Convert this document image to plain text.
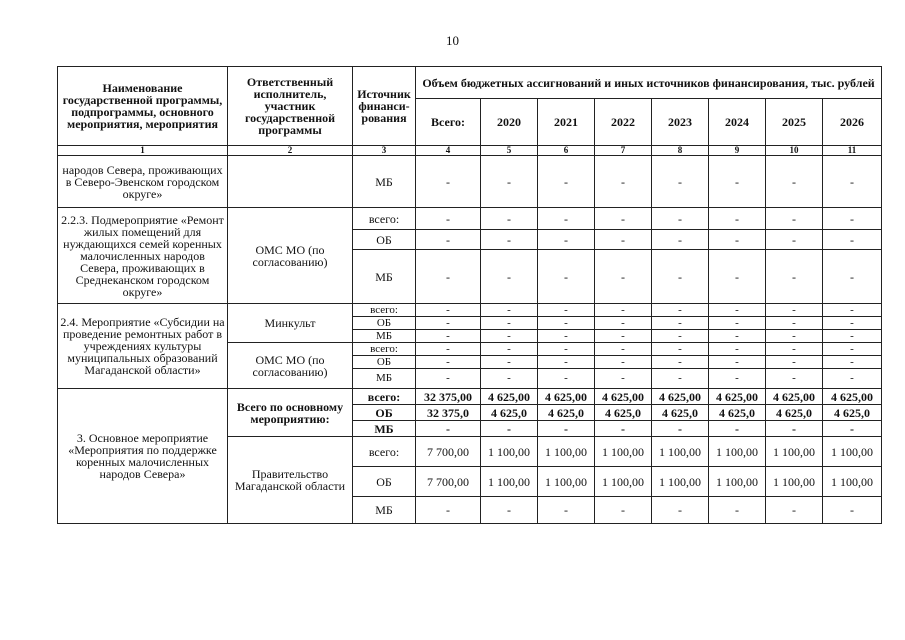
10
Наименование государственной программы, подпрограммы, основного мероприятия, мероприятия	Ответственный исполнитель, участник государственной программы	Источник финанси-рования	Объем бюджетных ассигнований и иных источников финансирования, тыс. рублей							
			Всего:	2020	2021	2022	2023	2024	2025	2026
1	2	3	4	5	6	7	8	9	10	11
народов Севера, проживающих в Северо-Эвенском городском округе»		МБ	-	-	-	-	-	-	-	-
2.2.3. Подмероприятие «Ремонт жилых помещений для нуждающихся семей коренных малочисленных народов Севера, проживающих в Среднеканском городском округе»	ОМС МО (по согласованию)	всего:	-	-	-	-	-	-	-	-
		ОБ	-	-	-	-	-	-	-	-
		МБ	-	-	-	-	-	-	-	-
2.4. Мероприятие «Субсидии на проведение ремонтных работ в учреждениях культуры муниципальных образований Магаданской области»	Минкульт	всего:	-	-	-	-	-	-	-	-
		ОБ	-	-	-	-	-	-	-	-
		МБ	-	-	-	-	-	-	-	-
	ОМС МО (по согласованию)	всего:	-	-	-	-	-	-	-	-
		ОБ	-	-	-	-	-	-	-	-
		МБ	-	-	-	-	-	-	-	-
3. Основное мероприятие «Мероприятия по поддержке коренных малочисленных народов Севера»	Всего по основному мероприятию:	всего:	32 375,00	4 625,00	4 625,00	4 625,00	4 625,00	4 625,00	4 625,00	4 625,00
		ОБ	32 375,0	4 625,0	4 625,0	4 625,0	4 625,0	4 625,0	4 625,0	4 625,0
		МБ	-	-	-	-	-	-	-	-
	Правительство Магаданской области	всего:	7 700,00	1 100,00	1 100,00	1 100,00	1 100,00	1 100,00	1 100,00	1 100,00
		ОБ	7 700,00	1 100,00	1 100,00	1 100,00	1 100,00	1 100,00	1 100,00	1 100,00
		МБ	-	-	-	-	-	-	-	-
